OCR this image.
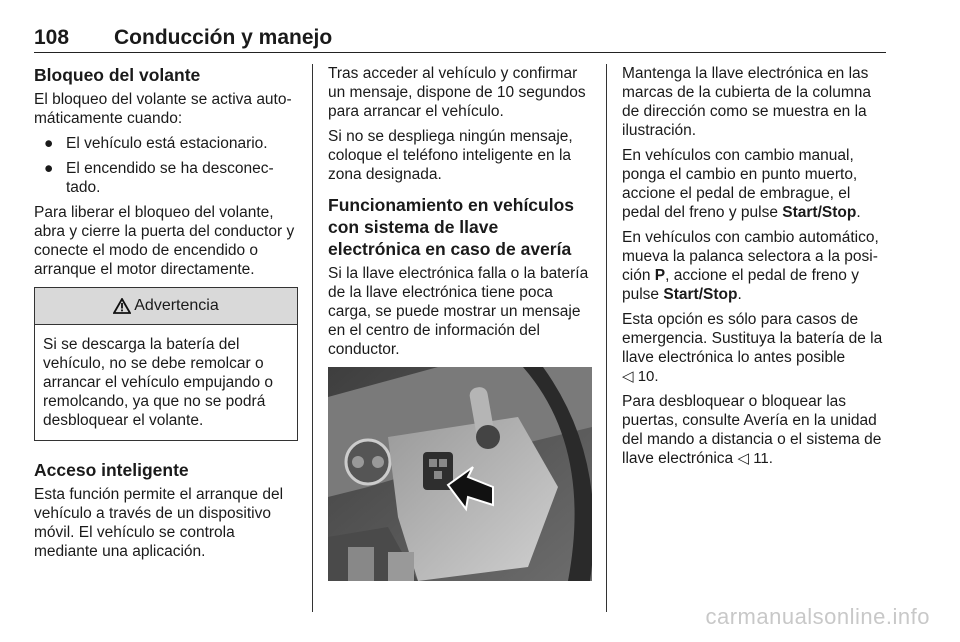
108 Conducción y manejo
Bloqueo del volante

El bloqueo del volante se activa auto-máticamente cuando:

● El vehículo está estacionario.
● El encendido se ha desconec-tado.

Para liberar el bloqueo del volante, abra y cierre la puerta del conductor y conecte el modo de encendido o arranque el motor directamente.

Advertencia
Si se descarga la batería del vehículo, no se debe remolcar o arrancar el vehículo empujando o remolcando, ya que no se podrá desbloquear el volante.
Acceso inteligente

Esta función permite el arranque del vehículo a través de un dispositivo móvil. El vehículo se controla mediante una aplicación.

Tras acceder al vehículo y confirmar un mensaje, dispone de 10 segundos para arrancar el vehículo.

Si no se despliega ningún mensaje, coloque el teléfono inteligente en la zona designada.

Funcionamiento en vehículos con sistema de llave electrónica en caso de avería

Si la llave electrónica falla o la batería de la llave electrónica tiene poca carga, se puede mostrar un mensaje en el centro de información del conductor.

Mantenga la llave electrónica en las marcas de la cubierta de la columna de dirección como se muestra en la ilustración.

En vehículos con cambio manual, ponga el cambio en punto muerto, accione el pedal de embrague, el pedal del freno y pulse Start/Stop.

En vehículos con cambio automático, mueva la palanca selectora a la posi-ción P, accione el pedal de freno y pulse Start/Stop.

Esta opción es sólo para casos de emergencia. Sustituya la batería de la llave electrónica lo antes posible
◁ 10.

Para desbloquear o bloquear las puertas, consulte Avería en la unidad del mando a distancia o el sistema de llave electrónica ◁ 11.

carmanualsonline.info
